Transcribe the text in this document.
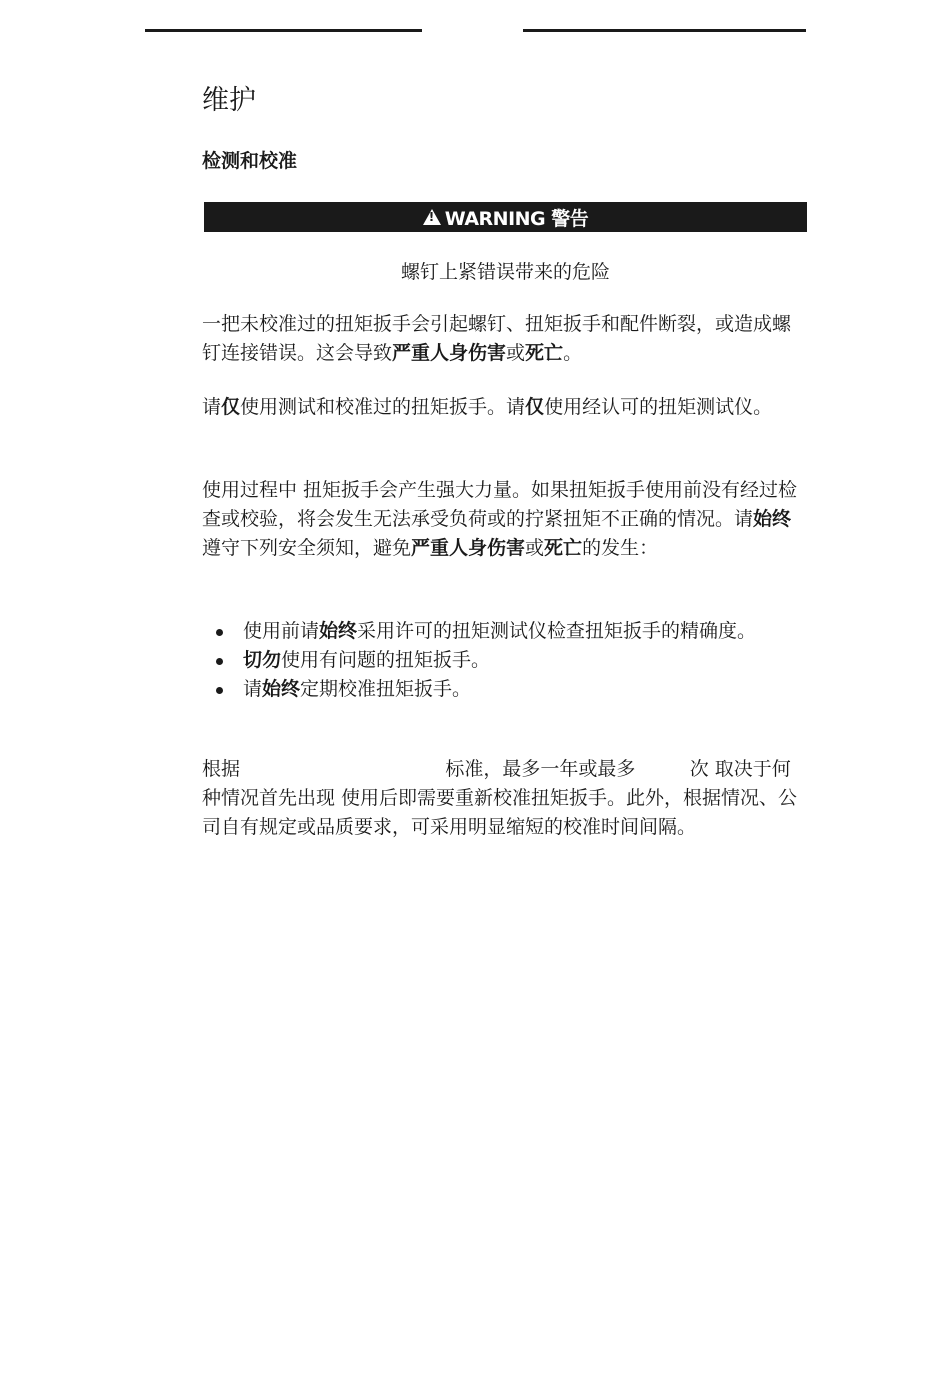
维护
检测和校准
!
WARNING 警告
螺钉上紧错误带来的危险

一把未校准过的扭矩扳手会引起螺钉、扭矩扳手和配件断裂，或造成螺钉连接错误。这会导致严重人身伤害或死亡。

请仅使用测试和校准过的扭矩扳手。请仅使用经认可的扭矩测试仪。

使用过程中 扭矩扳手会产生强大力量。如果扭矩扳手使用前没有经过检查或校验，将会发生无法承受负荷或的拧紧扭矩不正确的情况。请始终遵守下列安全须知，避免严重人身伤害或死亡的发生：

使用前请始终采用许可的扭矩测试仪检查扭矩扳手的精确度。
切勿使用有问题的扭矩扳手。
请始终定期校准扭矩扳手。

根据                                  标准，最多一年或最多         次 取决于何种情况首先出现 使用后即需要重新校准扭矩扳手。此外，根据情况、公司自有规定或品质要求，可采用明显缩短的校准时间间隔。
